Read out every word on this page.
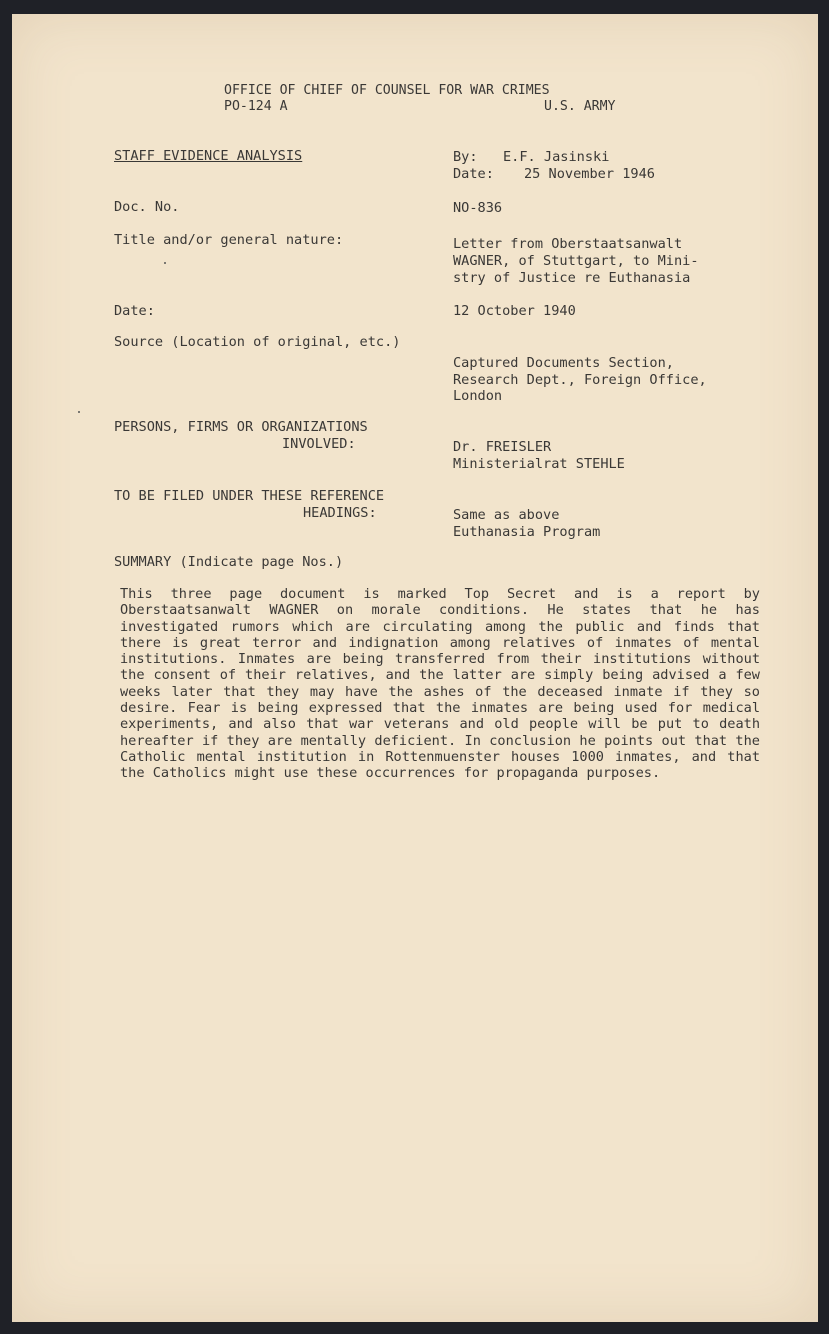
OFFICE OF CHIEF OF COUNSEL FOR WAR CRIMES
PO-124 A	U.S. ARMY
STAFF EVIDENCE ANALYSIS	By: E.F. Jasinski
Date: 25 November 1946
Doc. No.	NO-836
Title and/or general nature:	Letter from Oberstaatsanwalt
WAGNER, of Stuttgart, to Mini-
stry of Justice re Euthanasia
Date:	12 October 1940
Source (Location of original, etc.)
Captured Documents Section,
Research Dept., Foreign Office,
London
PERSONS, FIRMS OR ORGANIZATIONS
INVOLVED:	Dr. FREISLER
Ministerialrat STEHLE
TO BE FILED UNDER THESE REFERENCE
HEADINGS:	Same as above
Euthanasia Program
SUMMARY (Indicate page Nos.)
This three page document is marked Top Secret and is a report by Oberstaatsanwalt WAGNER on morale conditions. He states that he has investigated rumors which are circulating among the public and finds that there is great terror and indignation among relatives of inmates of mental institutions. Inmates are being transferred from their institutions without the consent of their relatives, and the latter are simply being advised a few weeks later that they may have the ashes of the deceased inmate if they so desire. Fear is being expressed that the inmates are being used for medical experiments, and also that war veterans and old people will be put to death hereafter if they are mentally deficient. In conclusion he points out that the Catholic mental institution in Rottenmuenster houses 1000 inmates, and that the Catholics might use these occurrences for propaganda purposes.
